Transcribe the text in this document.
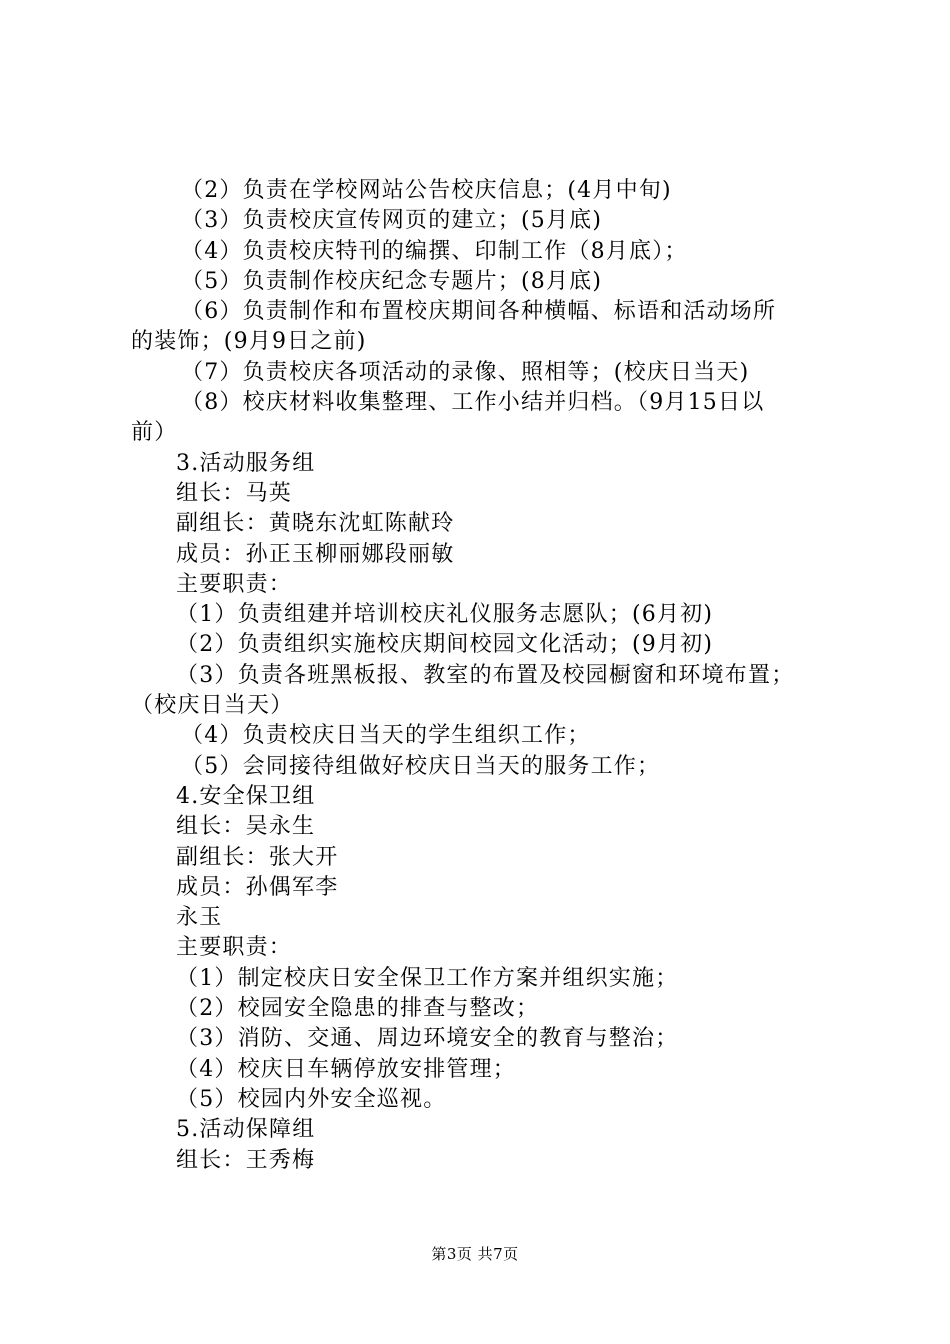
（2）负责在学校网站公告校庆信息；(4月中旬)
（3）负责校庆宣传网页的建立；(5月底)
（4）负责校庆特刊的编撰、印制工作（8月底）；
（5）负责制作校庆纪念专题片；(8月底)
（6）负责制作和布置校庆期间各种横幅、标语和活动场所
的装饰；(9月9日之前)
（7）负责校庆各项活动的录像、照相等；(校庆日当天)
（8）校庆材料收集整理、工作小结并归档。（9月15日以
前）
3.活动服务组
组长：马英
副组长：黄晓东沈虹陈献玲
成员：孙正玉柳丽娜段丽敏
主要职责：
（1）负责组建并培训校庆礼仪服务志愿队；(6月初)
（2）负责组织实施校庆期间校园文化活动；(9月初)
（3）负责各班黑板报、教室的布置及校园橱窗和环境布置；
（校庆日当天）
（4）负责校庆日当天的学生组织工作；
（5）会同接待组做好校庆日当天的服务工作；
4.安全保卫组
组长：吴永生
副组长：张大开
成员：孙偶军李
永玉
主要职责：
（1）制定校庆日安全保卫工作方案并组织实施；
（2）校园安全隐患的排查与整改；
（3）消防、交通、周边环境安全的教育与整治；
（4）校庆日车辆停放安排管理；
（5）校园内外安全巡视。
5.活动保障组
组长：王秀梅
第3页 共7页
